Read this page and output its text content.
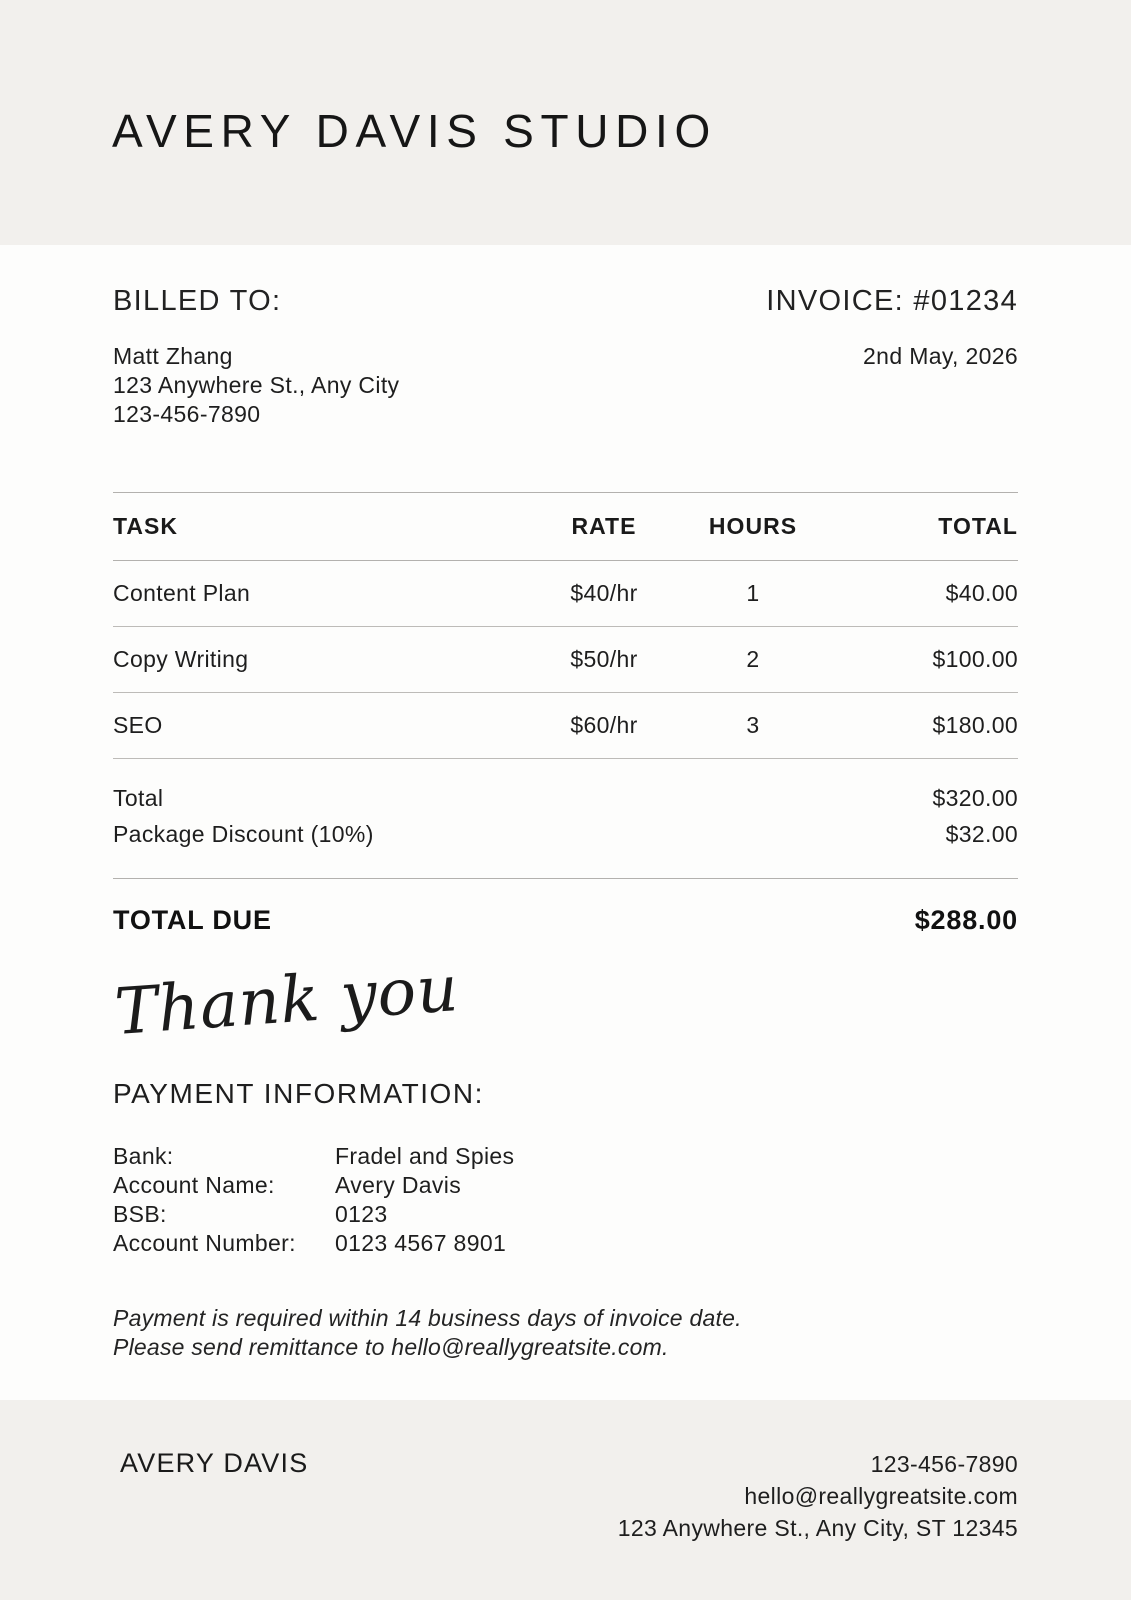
AVERY DAVIS STUDIO
BILLED TO:
Matt Zhang
123 Anywhere St., Any City
123-456-7890
INVOICE: #01234
2nd May, 2026
TASK	RATE	HOURS	TOTAL
Content Plan	$40/hr	1	$40.00
Copy Writing	$50/hr	2	$100.00
SEO	$60/hr	3	$180.00
Total	$320.00
Package Discount (10%)	$32.00
TOTAL DUE	$288.00
Thank you
PAYMENT INFORMATION:
Bank:	Fradel and Spies
Account Name:	Avery Davis
BSB:	0123
Account Number:	0123 4567 8901
Payment is required within 14 business days of invoice date.
Please send remittance to hello@reallygreatsite.com.
AVERY DAVIS	123-456-7890
hello@reallygreatsite.com
123 Anywhere St., Any City, ST 12345
